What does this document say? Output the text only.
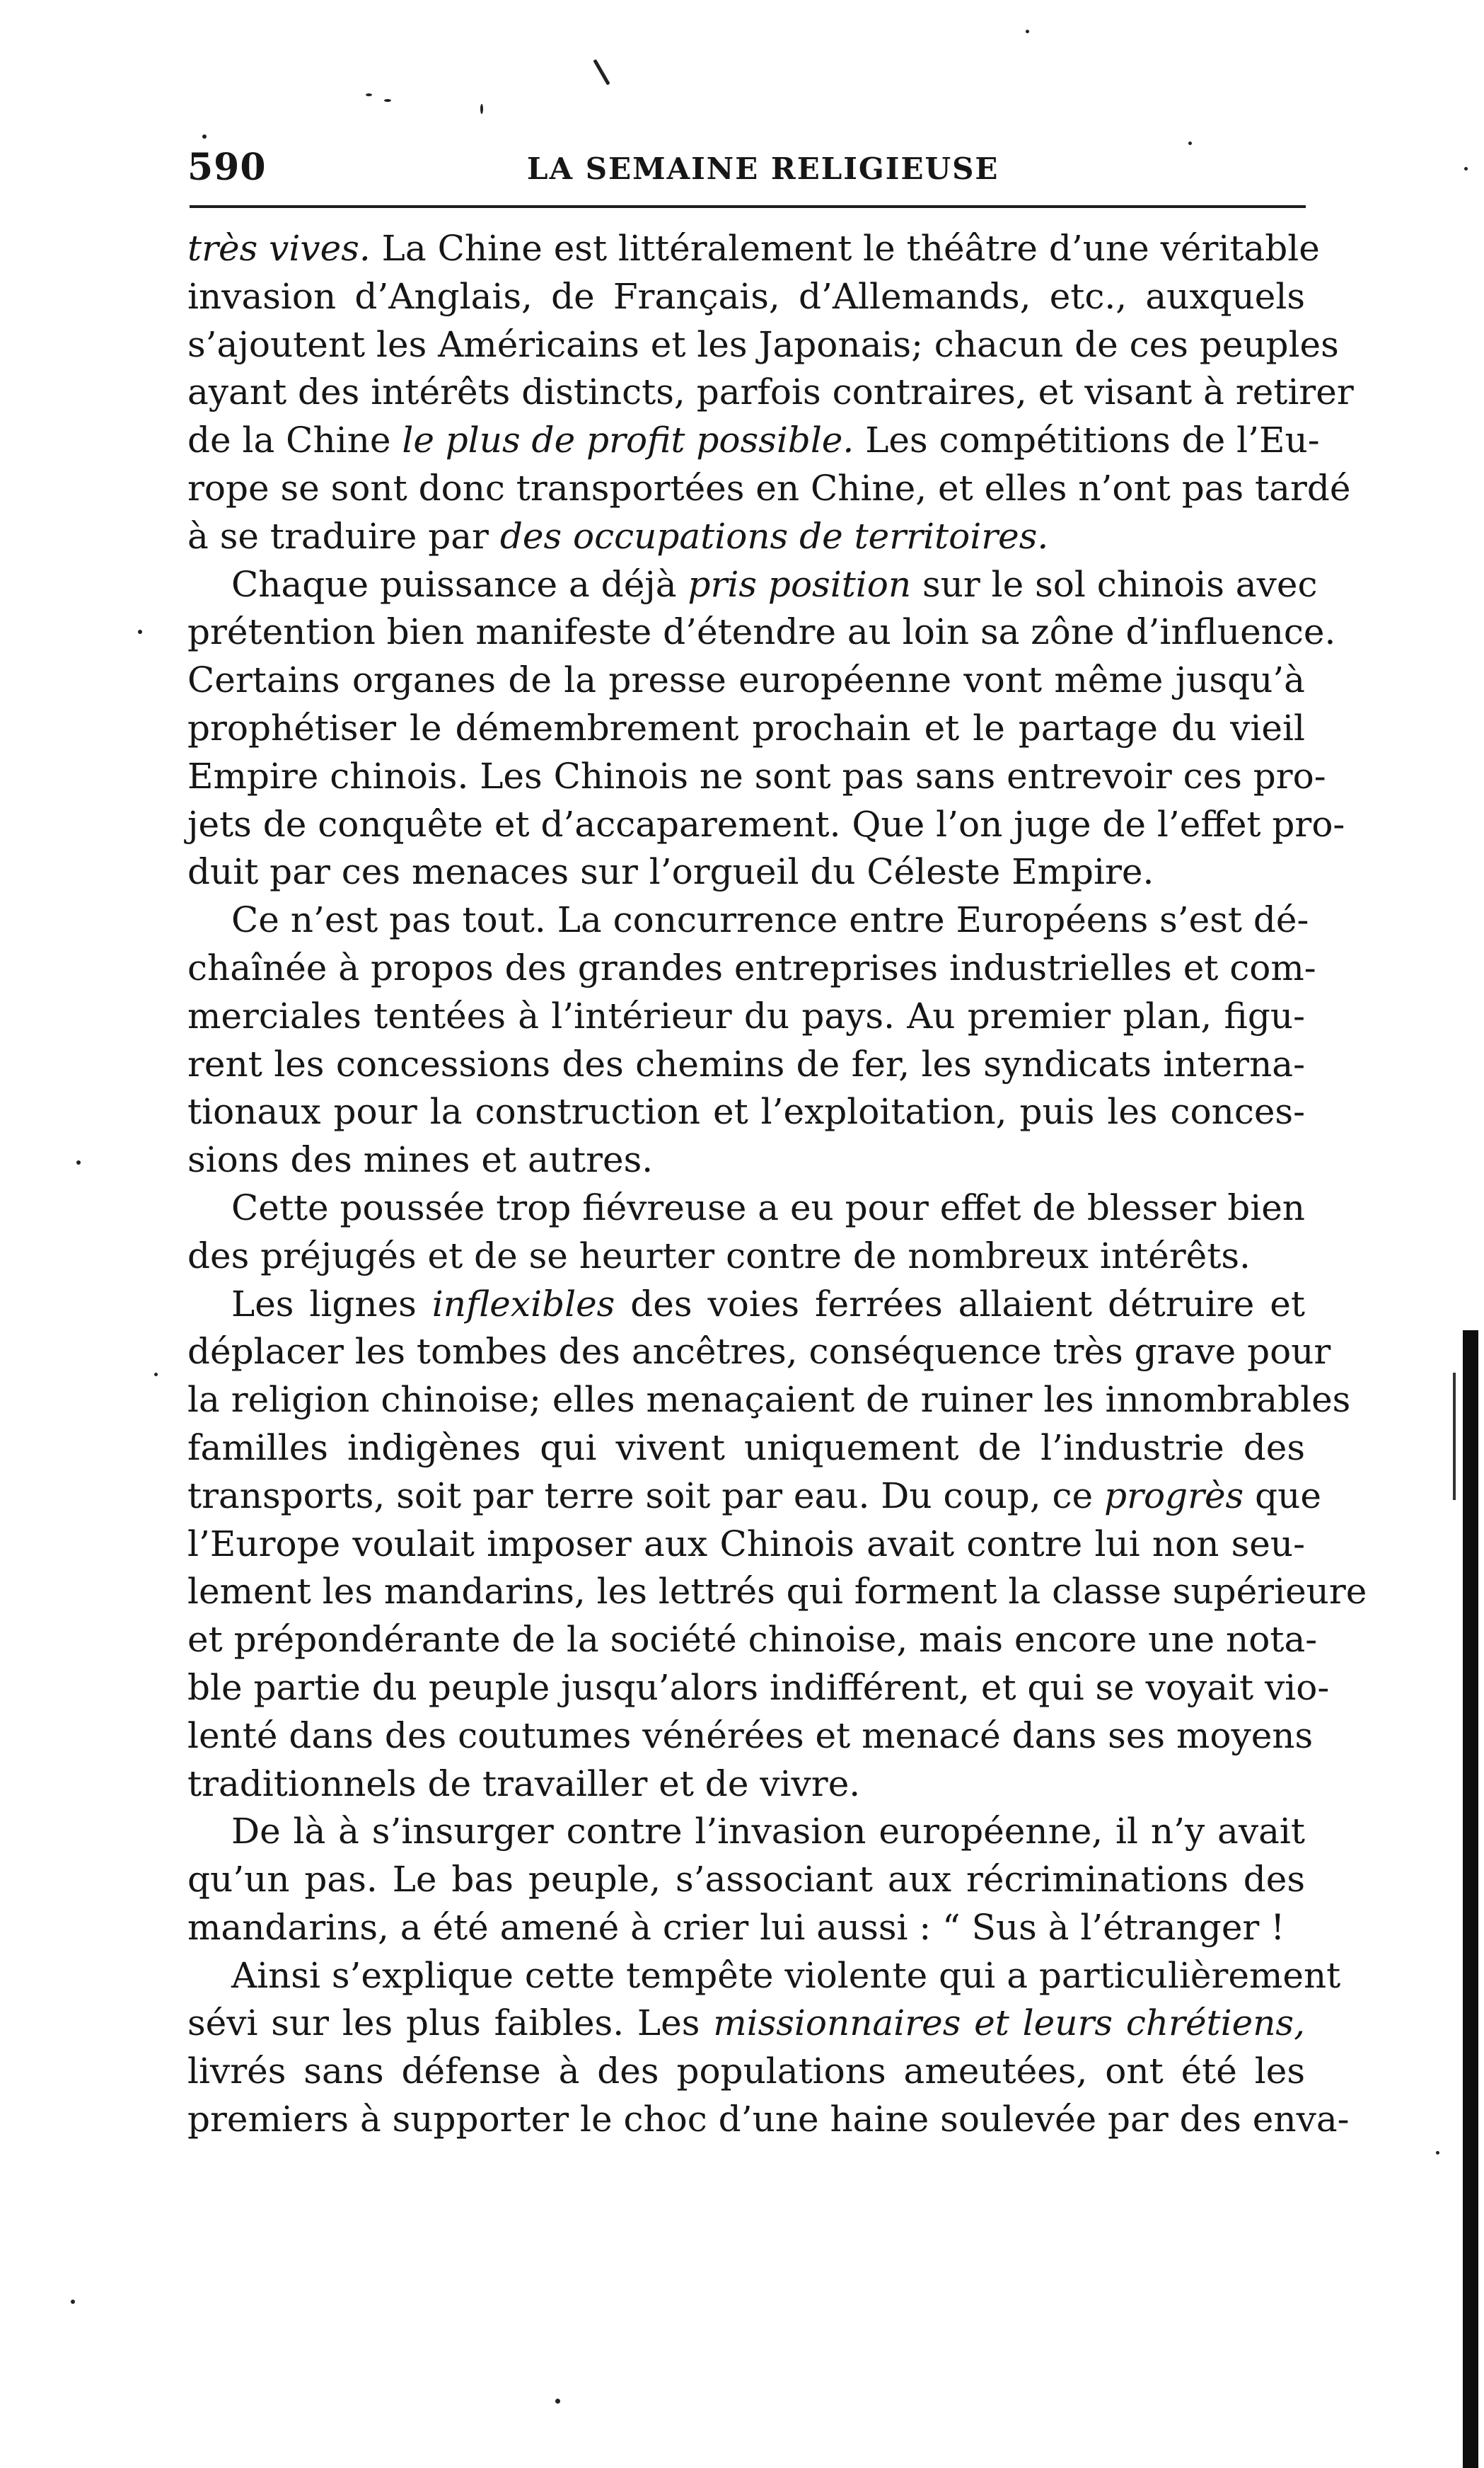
590	LA SEMAINE RELIGIEUSE
très vives. La Chine est littéralement le théâtre d’une véritable
invasion d’Anglais, de Français, d’Allemands, etc., auxquels
s’ajoutent les Américains et les Japonais; chacun de ces peuples
ayant des intérêts distincts, parfois contraires, et visant à retirer
de la Chine le plus de profit possible. Les compétitions de l’Eu-
rope se sont donc transportées en Chine, et elles n’ont pas tardé
à se traduire par des occupations de territoires.
Chaque puissance a déjà pris position sur le sol chinois avec
prétention bien manifeste d’étendre au loin sa zône d’influence.
Certains organes de la presse européenne vont même jusqu’à
prophétiser le démembrement prochain et le partage du vieil
Empire chinois. Les Chinois ne sont pas sans entrevoir ces pro-
jets de conquête et d’accaparement. Que l’on juge de l’effet pro-
duit par ces menaces sur l’orgueil du Céleste Empire.
Ce n’est pas tout. La concurrence entre Européens s’est dé-
chaînée à propos des grandes entreprises industrielles et com-
merciales tentées à l’intérieur du pays. Au premier plan, figu-
rent les concessions des chemins de fer, les syndicats interna-
tionaux pour la construction et l’exploitation, puis les conces-
sions des mines et autres.
Cette poussée trop fiévreuse a eu pour effet de blesser bien
des préjugés et de se heurter contre de nombreux intérêts.
Les lignes inflexibles des voies ferrées allaient détruire et
déplacer les tombes des ancêtres, conséquence très grave pour
la religion chinoise; elles menaçaient de ruiner les innombrables
familles indigènes qui vivent uniquement de l’industrie des
transports, soit par terre soit par eau. Du coup, ce progrès que
l’Europe voulait imposer aux Chinois avait contre lui non seu-
lement les mandarins, les lettrés qui forment la classe supérieure
et prépondérante de la société chinoise, mais encore une nota-
ble partie du peuple jusqu’alors indifférent, et qui se voyait vio-
lenté dans des coutumes vénérées et menacé dans ses moyens
traditionnels de travailler et de vivre.
De là à s’insurger contre l’invasion européenne, il n’y avait
qu’un pas. Le bas peuple, s’associant aux récriminations des
mandarins, a été amené à crier lui aussi : “ Sus à l’étranger !
Ainsi s’explique cette tempête violente qui a particulièrement
sévi sur les plus faibles. Les missionnaires et leurs chrétiens,
livrés sans défense à des populations ameutées, ont été les
premiers à supporter le choc d’une haine soulevée par des enva-
